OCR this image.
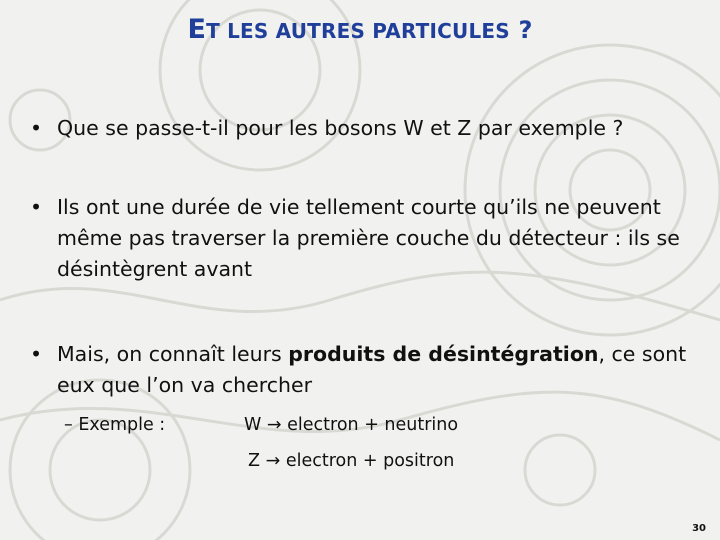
ET LES AUTRES PARTICULES ?
• Que se passe-t-il pour les bosons W et Z par exemple ?
• Ils ont une durée de vie tellement courte qu’ils ne peuvent même pas traverser la première couche du détecteur : ils se désintègrent avant
• Mais, on connaît leurs produits de désintégration, ce sont eux que l’on va chercher
– Exemple :	W → electron + neutrino
Z → electron + positron
30
